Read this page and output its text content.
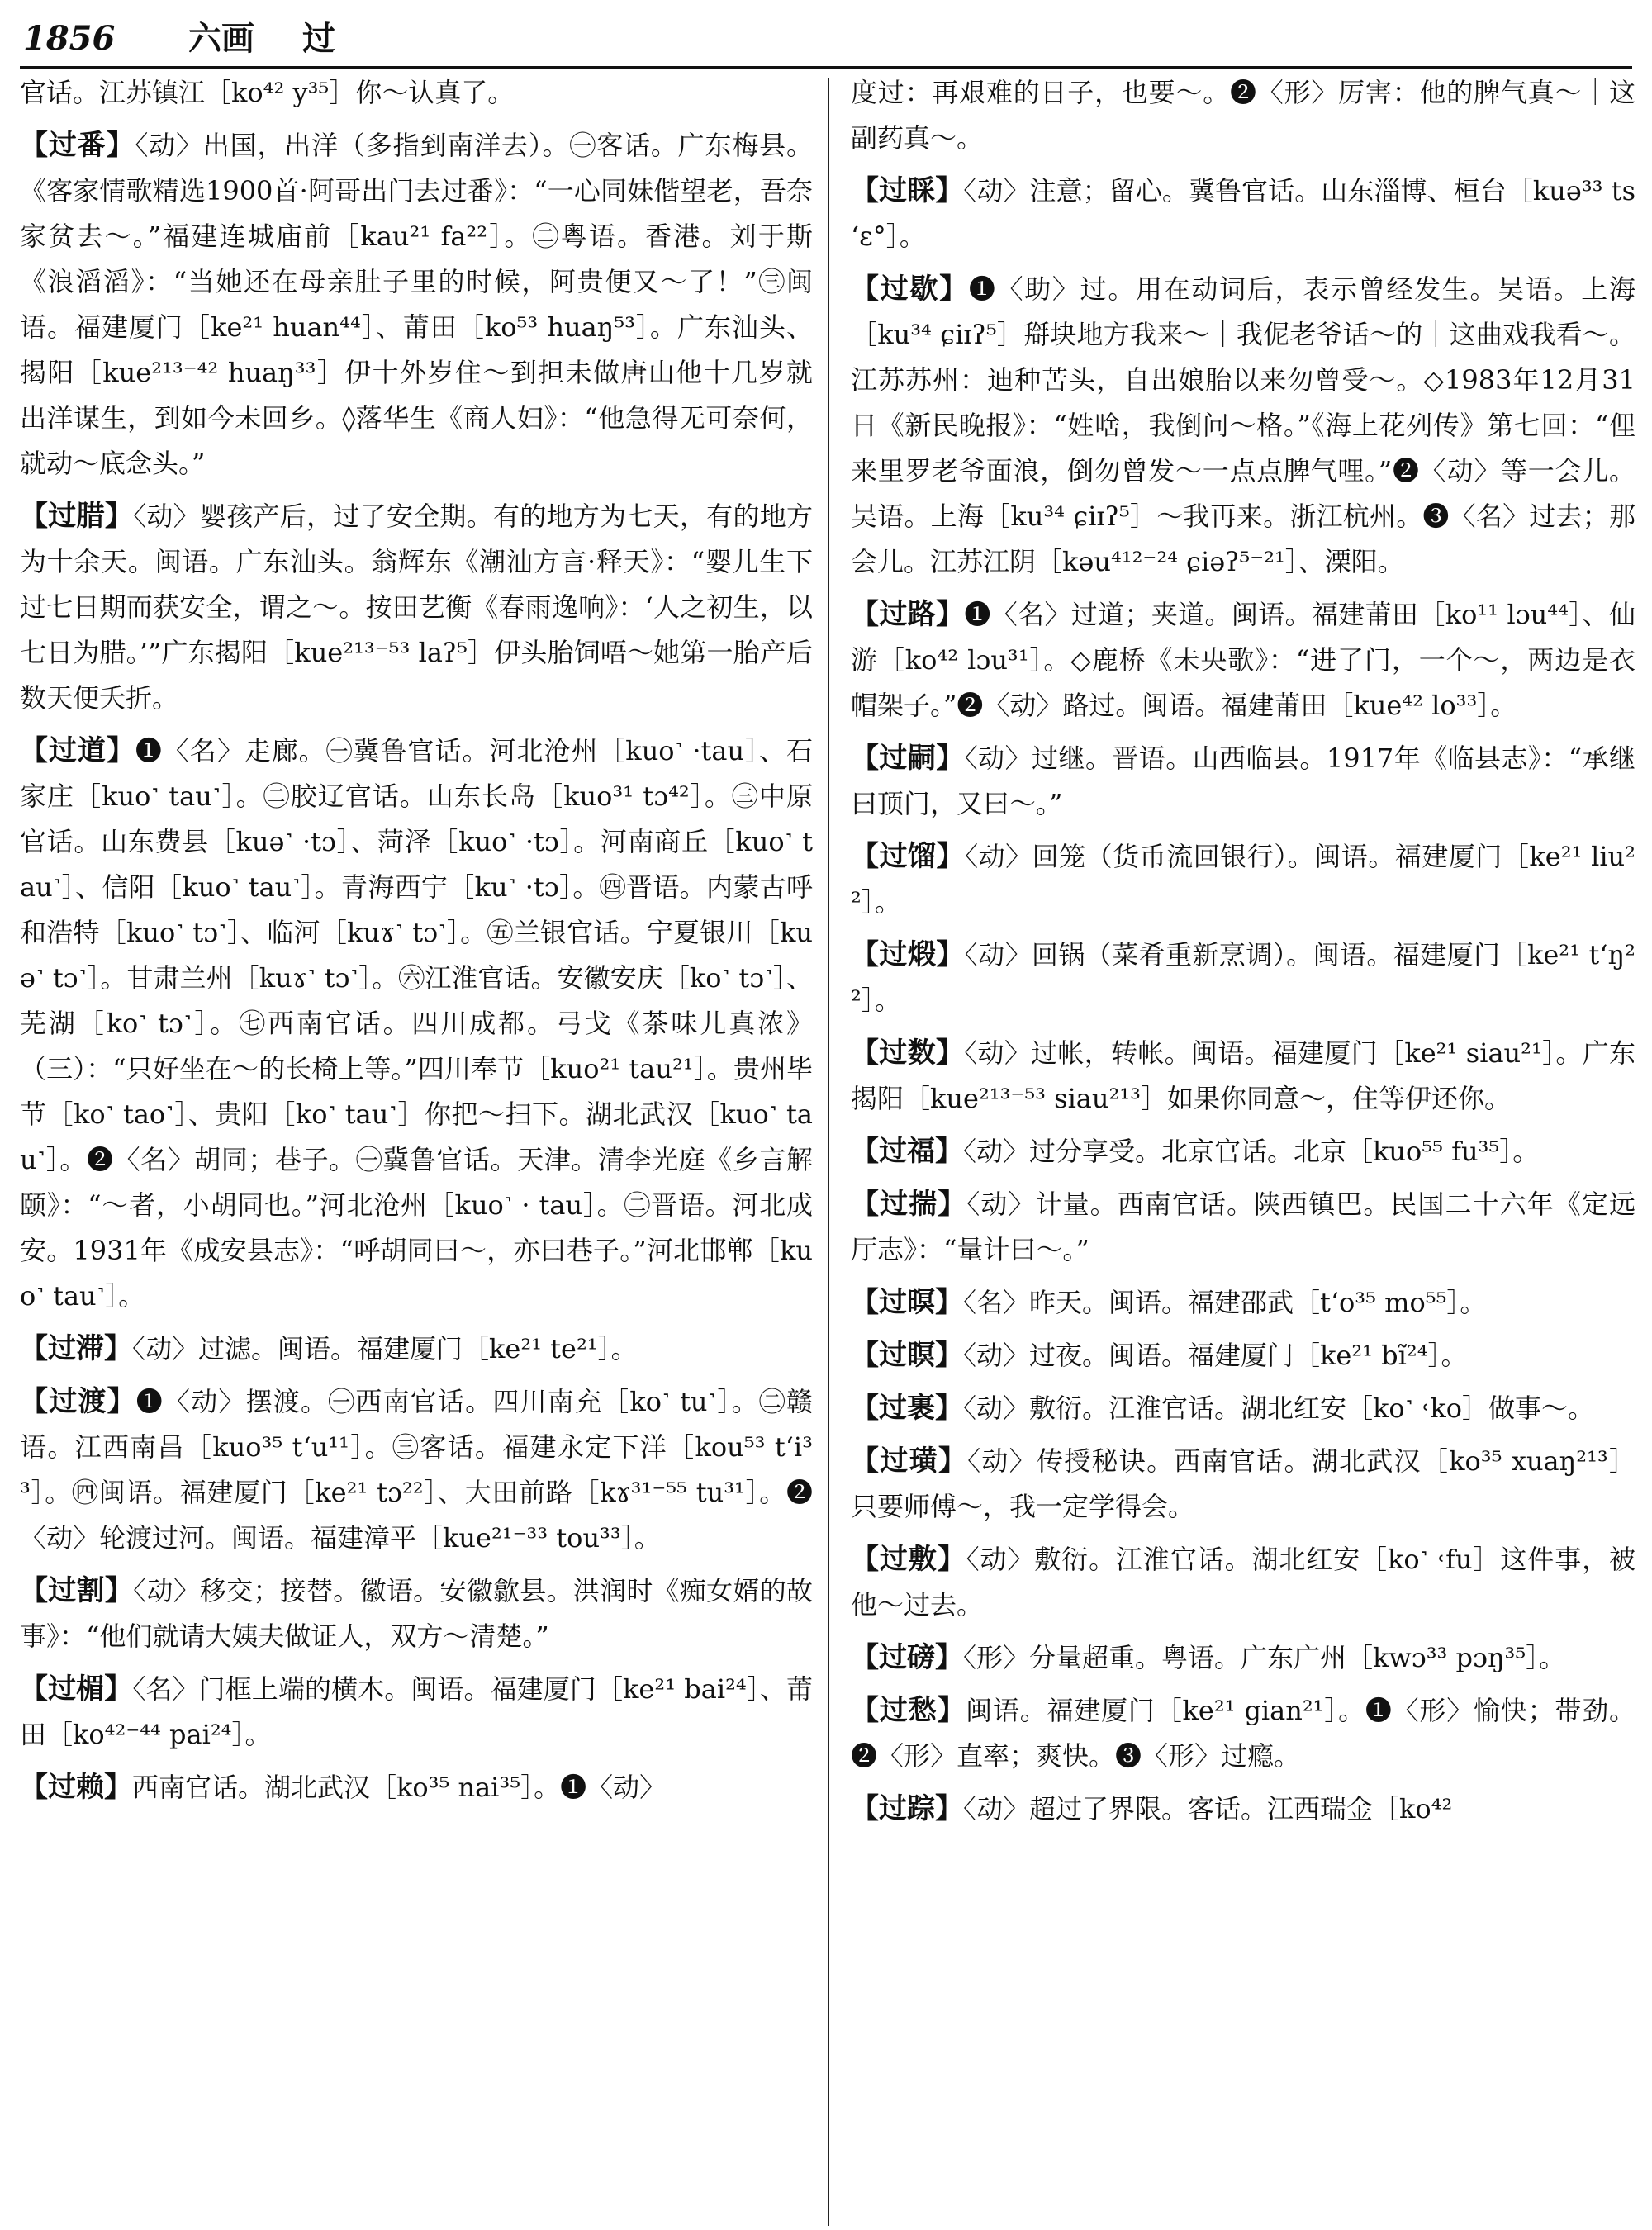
1856 六画 过

官话。江苏镇江［ko⁴² y³⁵］你～认真了。

【过番】〈动〉出国，出洋（多指到南洋去）。㊀客话。广东梅县。《客家情歌精选1900首·阿哥出门去过番》：“一心同妹偕望老，吾奈家贫去～。”福建连城庙前［kau²¹ fa²²］。㊁粤语。香港。刘于斯《浪滔滔》：“当她还在母亲肚子里的时候，阿贵便又～了！”㊂闽语。福建厦门［ke²¹ huan⁴⁴］、莆田［ko⁵³ huaŋ⁵³］。广东汕头、揭阳［kue²¹³⁻⁴² huaŋ³³］伊十外岁住～到担未做唐山他十几岁就出洋谋生，到如今未回乡。◊落华生《商人妇》：“他急得无可奈何，就动～底念头。”

【过腊】〈动〉婴孩产后，过了安全期。有的地方为七天，有的地方为十余天。闽语。广东汕头。翁辉东《潮汕方言·释天》：“婴儿生下过七日期而获安全，谓之～。按田艺衡《春雨逸响》：‘人之初生，以七日为腊。’”广东揭阳［kue²¹³⁻⁵³ laʔ⁵］伊头胎饲唔～她第一胎产后数天便夭折。

【过道】❶〈名〉走廊。㊀冀鲁官话。河北沧州［kuo˺ ·tau］、石家庄［kuo˺ tau˺］。㊁胶辽官话。山东长岛［kuo³¹ tɔ⁴²］。㊂中原官话。山东费县［kuə˺ ·tɔ］、菏泽［kuo˺ ·tɔ］。河南商丘［kuo˺ tau˺］、信阳［kuo˺ tau˺］。青海西宁［ku˺ ·tɔ］。㊃晋语。内蒙古呼和浩特［kuo˺ tɔ˺］、临河［kuɤ˺ tɔ˺］。㊄兰银官话。宁夏银川［kuə˺ tɔ˺］。甘肃兰州［kuɤ˺ tɔ˺］。㊅江淮官话。安徽安庆［ko˺ tɔ˺］、芜湖［ko˺ tɔ˺］。㊆西南官话。四川成都。弓戈《茶味儿真浓》（三）：“只好坐在～的长椅上等。”四川奉节［kuo²¹ tau²¹］。贵州毕节［ko˺ tao˺］、贵阳［ko˺ tau˺］你把～扫下。湖北武汉［kuo˺ tau˺］。❷〈名〉胡同；巷子。㊀冀鲁官话。天津。清李光庭《乡言解颐》：“～者，小胡同也。”河北沧州［kuo˺ · tau］。㊁晋语。河北成安。1931年《成安县志》：“呼胡同曰～，亦曰巷子。”河北邯郸［kuo˺ tau˺］。

【过滞】〈动〉过滤。闽语。福建厦门［ke²¹ te²¹］。

【过渡】❶〈动〉摆渡。㊀西南官话。四川南充［ko˺ tu˺］。㊁赣语。江西南昌［kuo³⁵ tʻu¹¹］。㊂客话。福建永定下洋［kou⁵³ tʻi³³］。㊃闽语。福建厦门［ke²¹ tɔ²²］、大田前路［kɤ³¹⁻⁵⁵ tu³¹］。❷〈动〉轮渡过河。闽语。福建漳平［kue²¹⁻³³ tou³³］。

【过割】〈动〉移交；接替。徽语。安徽歙县。洪润时《痴女婿的故事》：“他们就请大姨夫做证人，双方～清楚。”

【过楣】〈名〉门框上端的横木。闽语。福建厦门［ke²¹ bai²⁴］、莆田［ko⁴²⁻⁴⁴ pai²⁴］。

【过赖】西南官话。湖北武汉［ko³⁵ nai³⁵］。❶〈动〉

度过：再艰难的日子，也要～。❷〈形〉厉害：他的脾气真～｜这副药真～。

【过睬】〈动〉注意；留心。冀鲁官话。山东淄博、桓台［kuə³³ tsʻɛ°］。

【过歇】❶〈助〉过。用在动词后，表示曾经发生。吴语。上海［ku³⁴ ɕiɪʔ⁵］搿块地方我来～｜我伲老爷话～的｜这曲戏我看～。江苏苏州：迪种苦头，自出娘胎以来勿曾受～。◇1983年12月31日《新民晚报》：“姓啥，我倒问～格。”《海上花列传》第七回：“俚来里罗老爷面浪，倒勿曾发～一点点脾气哩。”❷〈动〉等一会儿。吴语。上海［ku³⁴ ɕiɪʔ⁵］～我再来。浙江杭州。❸〈名〉过去；那会儿。江苏江阴［kəu⁴¹²⁻²⁴ ɕiəʔ⁵⁻²¹］、溧阳。

【过路】❶〈名〉过道；夹道。闽语。福建莆田［ko¹¹ lɔu⁴⁴］、仙游［ko⁴² lɔu³¹］。◇鹿桥《未央歌》：“进了门，一个～，两边是衣帽架子。”❷〈动〉路过。闽语。福建莆田［kue⁴² lo³³］。

【过嗣】〈动〉过继。晋语。山西临县。1917年《临县志》：“承继曰顶门，又曰～。”

【过馏】〈动〉回笼（货币流回银行）。闽语。福建厦门［ke²¹ liu²²］。

【过煅】〈动〉回锅（菜肴重新烹调）。闽语。福建厦门［ke²¹ tʻŋ²²］。

【过数】〈动〉过帐，转帐。闽语。福建厦门［ke²¹ siau²¹］。广东揭阳［kue²¹³⁻⁵³ siau²¹³］如果你同意～，住等伊还你。

【过福】〈动〉过分享受。北京官话。北京［kuo⁵⁵ fu³⁵］。

【过揣】〈动〉计量。西南官话。陕西镇巴。民国二十六年《定远厅志》：“量计曰～。”

【过暝】〈名〉昨天。闽语。福建邵武［tʻo³⁵ mo⁵⁵］。

【过瞑】〈动〉过夜。闽语。福建厦门［ke²¹ bĩ²⁴］。

【过裹】〈动〉敷衍。江淮官话。湖北红安［ko˺ ˓ko］做事～。

【过璜】〈动〉传授秘诀。西南官话。湖北武汉［ko³⁵ xuaŋ²¹³］只要师傅～，我一定学得会。

【过敷】〈动〉敷衍。江淮官话。湖北红安［ko˺ ˓fu］这件事，被他～过去。

【过磅】〈形〉分量超重。粤语。广东广州［kwɔ³³ pɔŋ³⁵］。

【过愁】闽语。福建厦门［ke²¹ gian²¹］。❶〈形〉愉快；带劲。❷〈形〉直率；爽快。❸〈形〉过瘾。

【过踪】〈动〉超过了界限。客话。江西瑞金［ko⁴²
